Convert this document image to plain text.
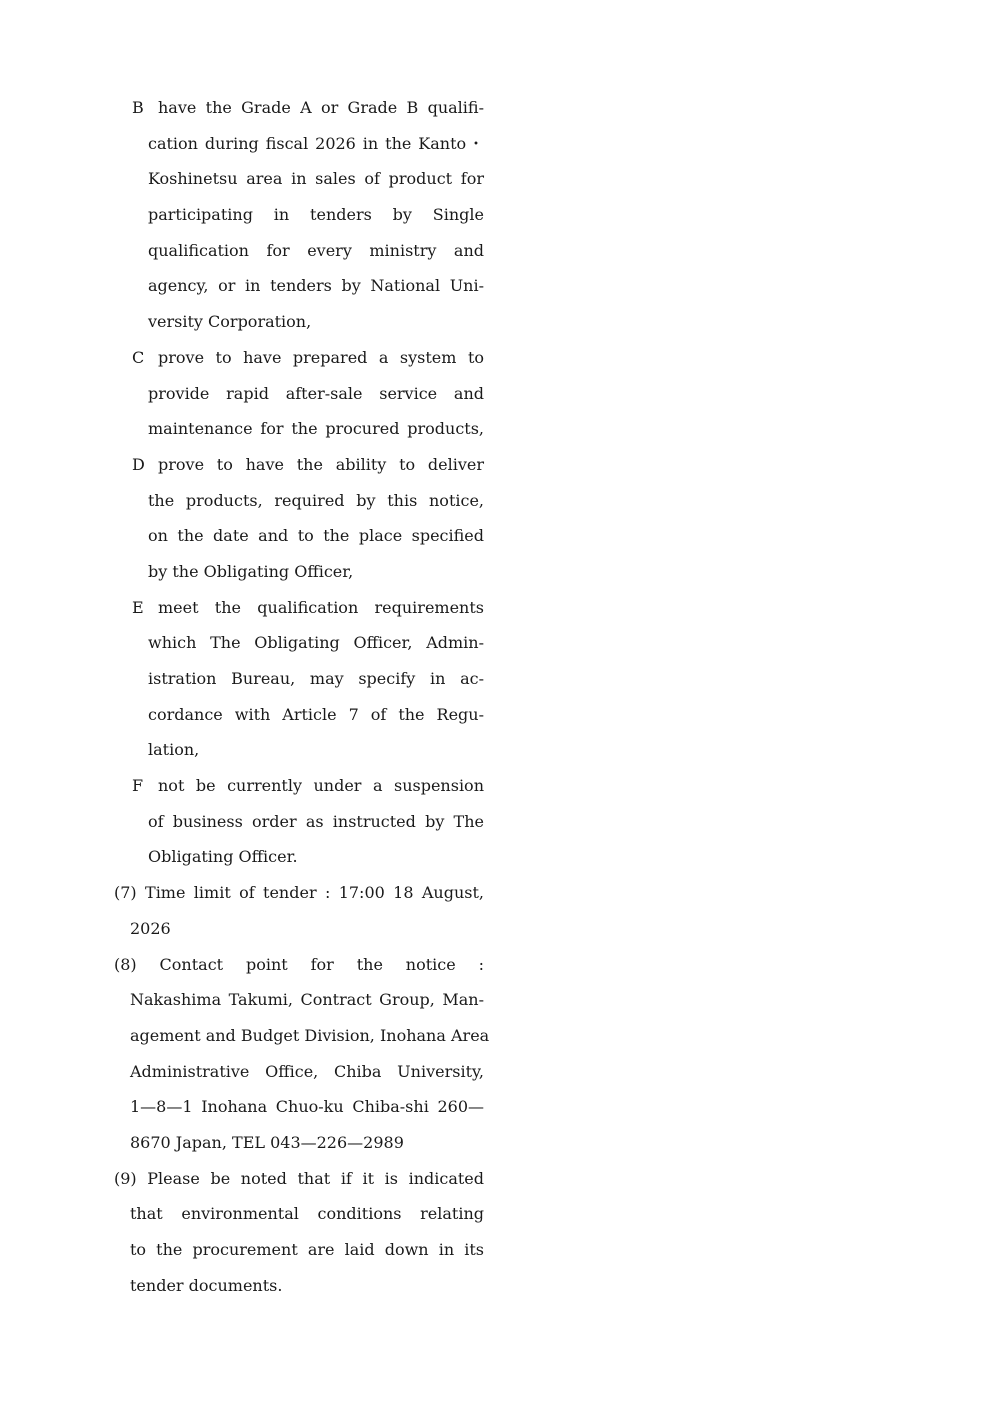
B have the Grade A or Grade B qualifi-
cation during fiscal 2026 in the Kanto・
Koshinetsu area in sales of product for
participating in tenders by Single
qualification for every ministry and
agency, or in tenders by National Uni-
versity Corporation,
C prove to have prepared a system to
provide rapid after-sale service and
maintenance for the procured products,
D prove to have the ability to deliver
the products, required by this notice,
on the date and to the place specified
by the Obligating Officer,
E meet the qualification requirements
which The Obligating Officer, Admin-
istration Bureau, may specify in ac-
cordance with Article 7 of the Regu-
lation,
F not be currently under a suspension
of business order as instructed by The
Obligating Officer.
(7) Time limit of tender : 17:00 18 August,
2026
(8) Contact point for the notice :
Nakashima Takumi, Contract Group, Man-
agement and Budget Division, Inohana Area
Administrative Office, Chiba University,
1—8—1 Inohana Chuo-ku Chiba-shi 260—
8670 Japan, TEL 043—226—2989
(9) Please be noted that if it is indicated
that environmental conditions relating
to the procurement are laid down in its
tender documents.
